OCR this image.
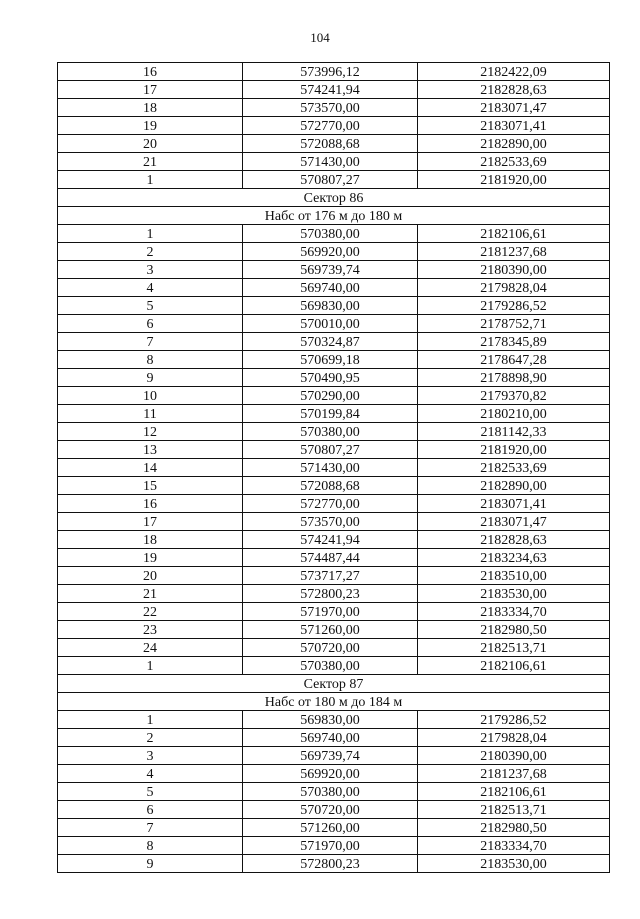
104
16	573996,12	2182422,09
17	574241,94	2182828,63
18	573570,00	2183071,47
19	572770,00	2183071,41
20	572088,68	2182890,00
21	571430,00	2182533,69
1	570807,27	2181920,00
Сектор 86		
Набс от 176 м до 180 м		
1	570380,00	2182106,61
2	569920,00	2181237,68
3	569739,74	2180390,00
4	569740,00	2179828,04
5	569830,00	2179286,52
6	570010,00	2178752,71
7	570324,87	2178345,89
8	570699,18	2178647,28
9	570490,95	2178898,90
10	570290,00	2179370,82
11	570199,84	2180210,00
12	570380,00	2181142,33
13	570807,27	2181920,00
14	571430,00	2182533,69
15	572088,68	2182890,00
16	572770,00	2183071,41
17	573570,00	2183071,47
18	574241,94	2182828,63
19	574487,44	2183234,63
20	573717,27	2183510,00
21	572800,23	2183530,00
22	571970,00	2183334,70
23	571260,00	2182980,50
24	570720,00	2182513,71
1	570380,00	2182106,61
Сектор 87		
Набс от 180 м до 184 м		
1	569830,00	2179286,52
2	569740,00	2179828,04
3	569739,74	2180390,00
4	569920,00	2181237,68
5	570380,00	2182106,61
6	570720,00	2182513,71
7	571260,00	2182980,50
8	571970,00	2183334,70
9	572800,23	2183530,00
